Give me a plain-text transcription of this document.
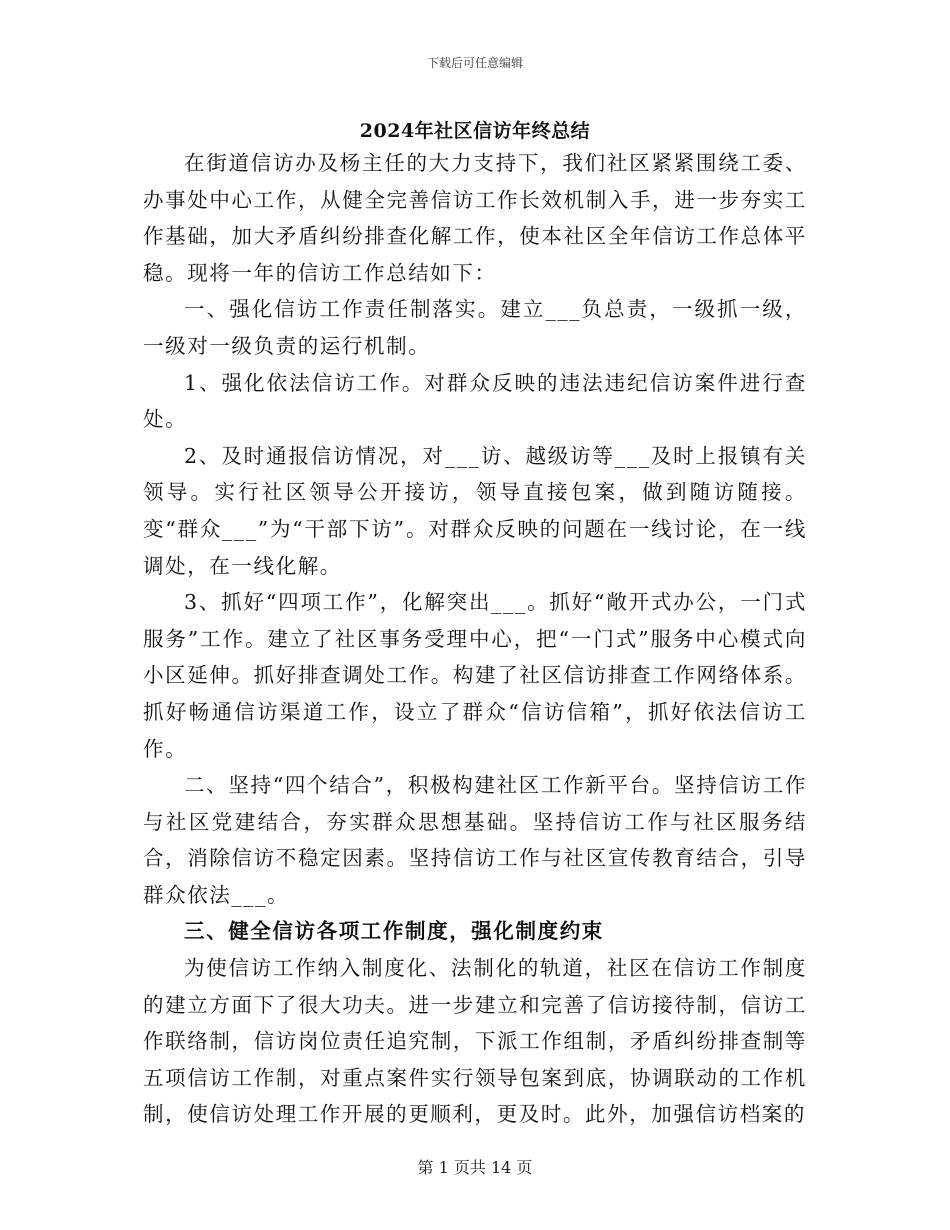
下载后可任意编辑
2024年社区信访年终总结

在街道信访办及杨主任的大力支持下，我们社区紧紧围绕工委、办事处中心工作，从健全完善信访工作长效机制入手，进一步夯实工作基础，加大矛盾纠纷排查化解工作，使本社区全年信访工作总体平稳。现将一年的信访工作总结如下：

一、强化信访工作责任制落实。建立___负总责，一级抓一级，一级对一级负责的运行机制。

1、强化依法信访工作。对群众反映的违法违纪信访案件进行查处。

2、及时通报信访情况，对___访、越级访等___及时上报镇有关领导。实行社区领导公开接访，领导直接包案，做到随访随接。变“群众___”为“干部下访”。对群众反映的问题在一线讨论，在一线调处，在一线化解。

3、抓好“四项工作”，化解突出___。抓好“敞开式办公，一门式服务”工作。建立了社区事务受理中心，把“一门式”服务中心模式向小区延伸。抓好排查调处工作。构建了社区信访排查工作网络体系。抓好畅通信访渠道工作，设立了群众“信访信箱”，抓好依法信访工作。

二、坚持“四个结合”，积极构建社区工作新平台。坚持信访工作与社区党建结合，夯实群众思想基础。坚持信访工作与社区服务结合，消除信访不稳定因素。坚持信访工作与社区宣传教育结合，引导群众依法___。

三、健全信访各项工作制度，强化制度约束

为使信访工作纳入制度化、法制化的轨道，社区在信访工作制度的建立方面下了很大功夫。进一步建立和完善了信访接待制，信访工作联络制，信访岗位责任追究制，下派工作组制，矛盾纠纷排查制等五项信访工作制，对重点案件实行领导包案到底，协调联动的工作机制，使信访处理工作开展的更顺利，更及时。此外，加强信访档案的

第 1 页共 14 页
